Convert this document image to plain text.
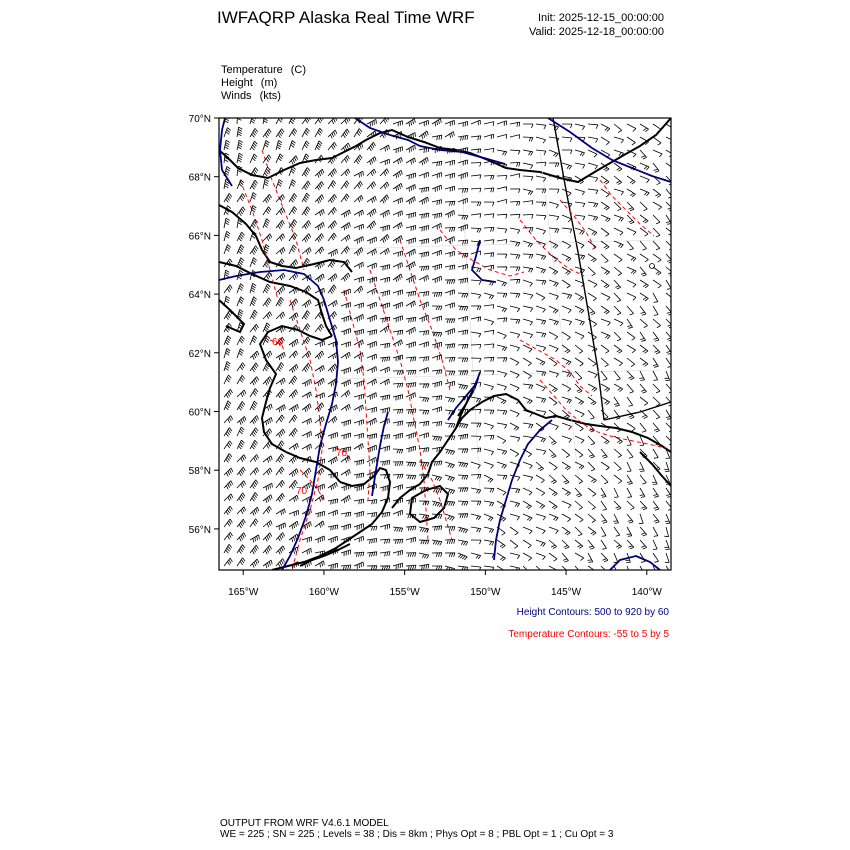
IWFAQRP Alaska Real Time WRF	Init: 2025-12-15_00:00:00
Valid: 2025-12-18_00:00:00
Temperature (C)
Height (m)
Winds (kts)
60
70
70
70°N
68°N
66°N
64°N
62°N
60°N
58°N
56°N
165°W	160°W	155°W	150°W	145°W	140°W
Height Contours: 500 to 920 by 60
Temperature Contours: -55 to 5 by 5
OUTPUT FROM WRF V4.6.1 MODEL
WE = 225 ; SN = 225 ; Levels = 38 ; Dis = 8km ; Phys Opt = 8 ; PBL Opt = 1 ; Cu Opt = 3
